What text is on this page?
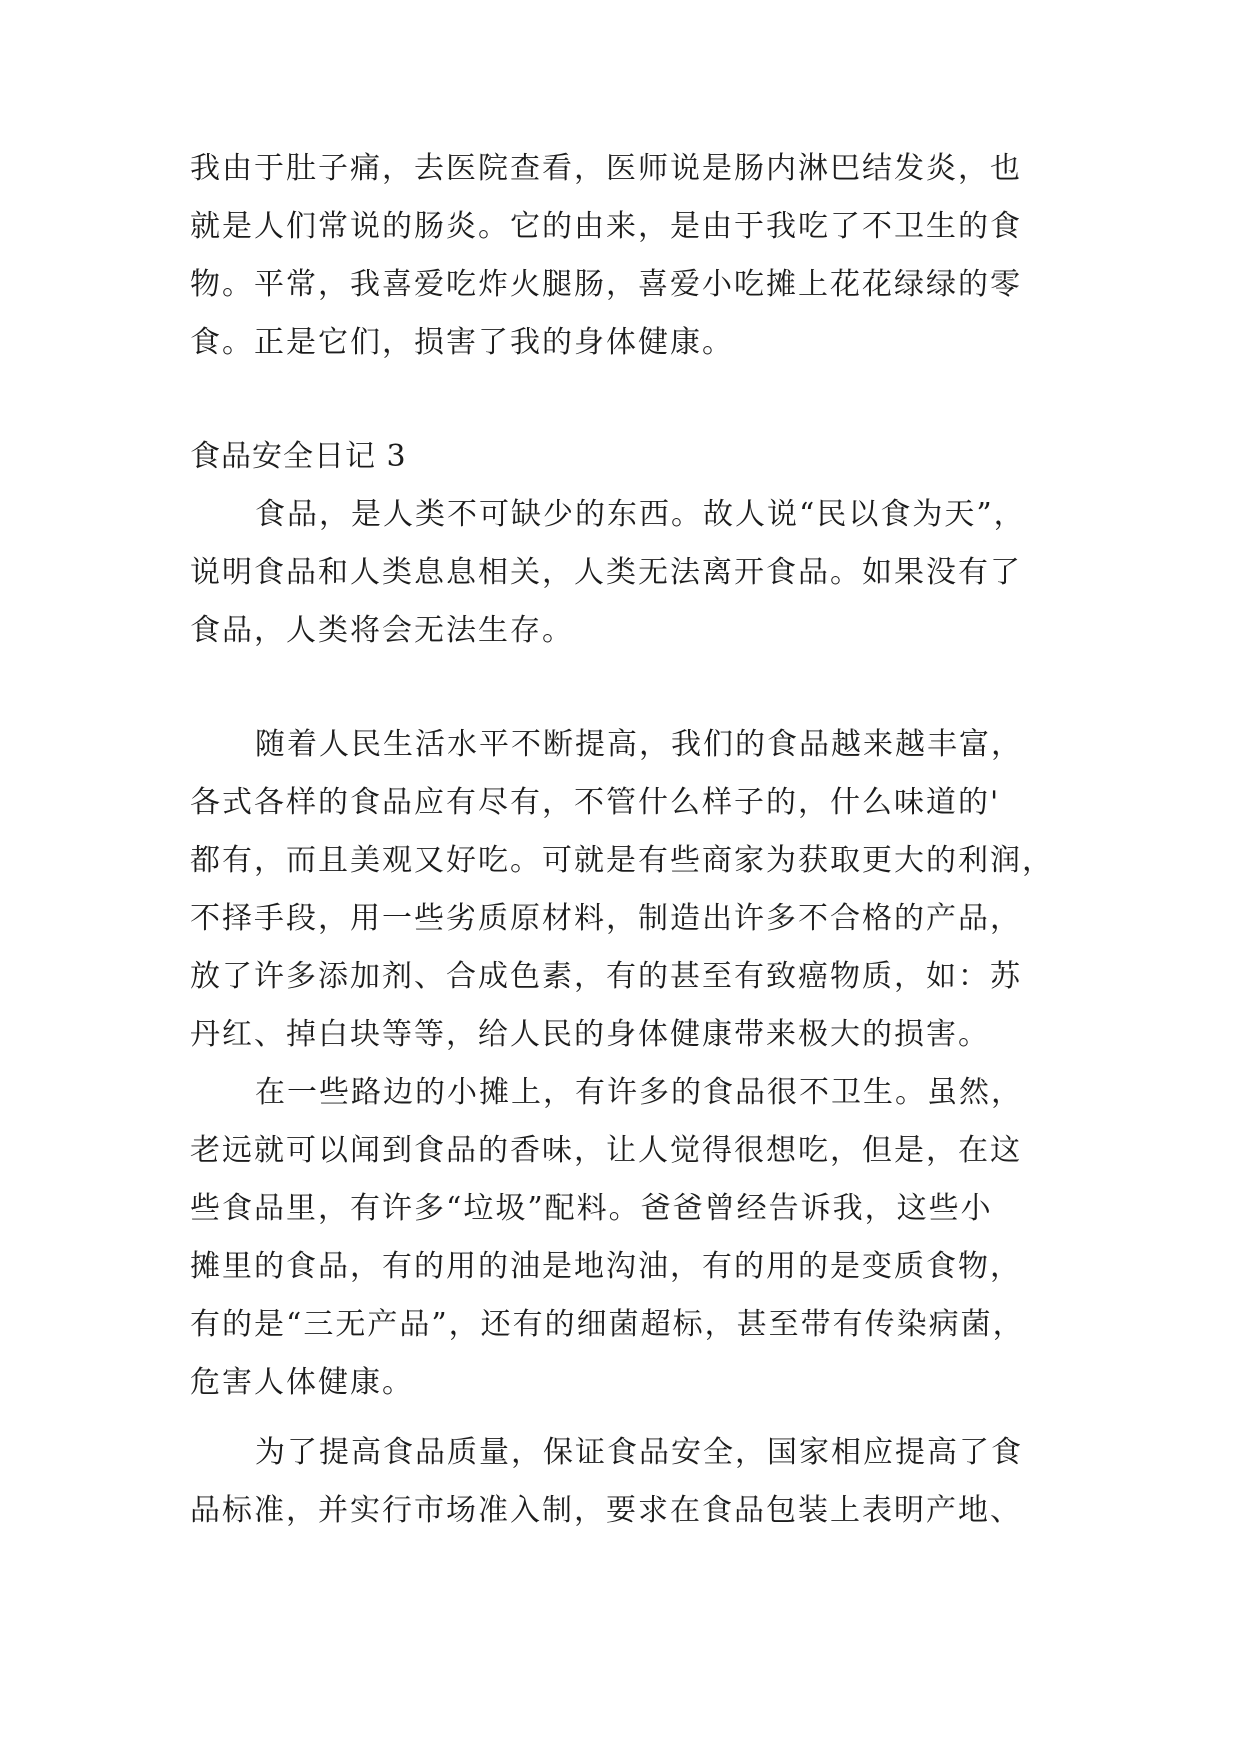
我由于肚子痛，去医院查看，医师说是肠内淋巴结发炎，也

就是人们常说的肠炎。它的由来，是由于我吃了不卫生的食

物。平常，我喜爱吃炸火腿肠，喜爱小吃摊上花花绿绿的零

食。正是它们，损害了我的身体健康。

食品安全日记 3

食品，是人类不可缺少的东西。故人说“民以食为天”，

说明食品和人类息息相关，人类无法离开食品。如果没有了

食品，人类将会无法生存。

随着人民生活水平不断提高，我们的食品越来越丰富，

各式各样的食品应有尽有，不管什么样子的，什么味道的'

都有，而且美观又好吃。可就是有些商家为获取更大的利润，

不择手段，用一些劣质原材料，制造出许多不合格的产品，

放了许多添加剂、合成色素，有的甚至有致癌物质，如：苏

丹红、掉白块等等，给人民的身体健康带来极大的损害。

在一些路边的小摊上，有许多的食品很不卫生。虽然，

老远就可以闻到食品的香味，让人觉得很想吃，但是，在这

些食品里，有许多“垃圾”配料。爸爸曾经告诉我，这些小

摊里的食品，有的用的油是地沟油，有的用的是变质食物，

有的是“三无产品”，还有的细菌超标，甚至带有传染病菌，

危害人体健康。

为了提高食品质量，保证食品安全，国家相应提高了食

品标准，并实行市场准入制，要求在食品包装上表明产地、
